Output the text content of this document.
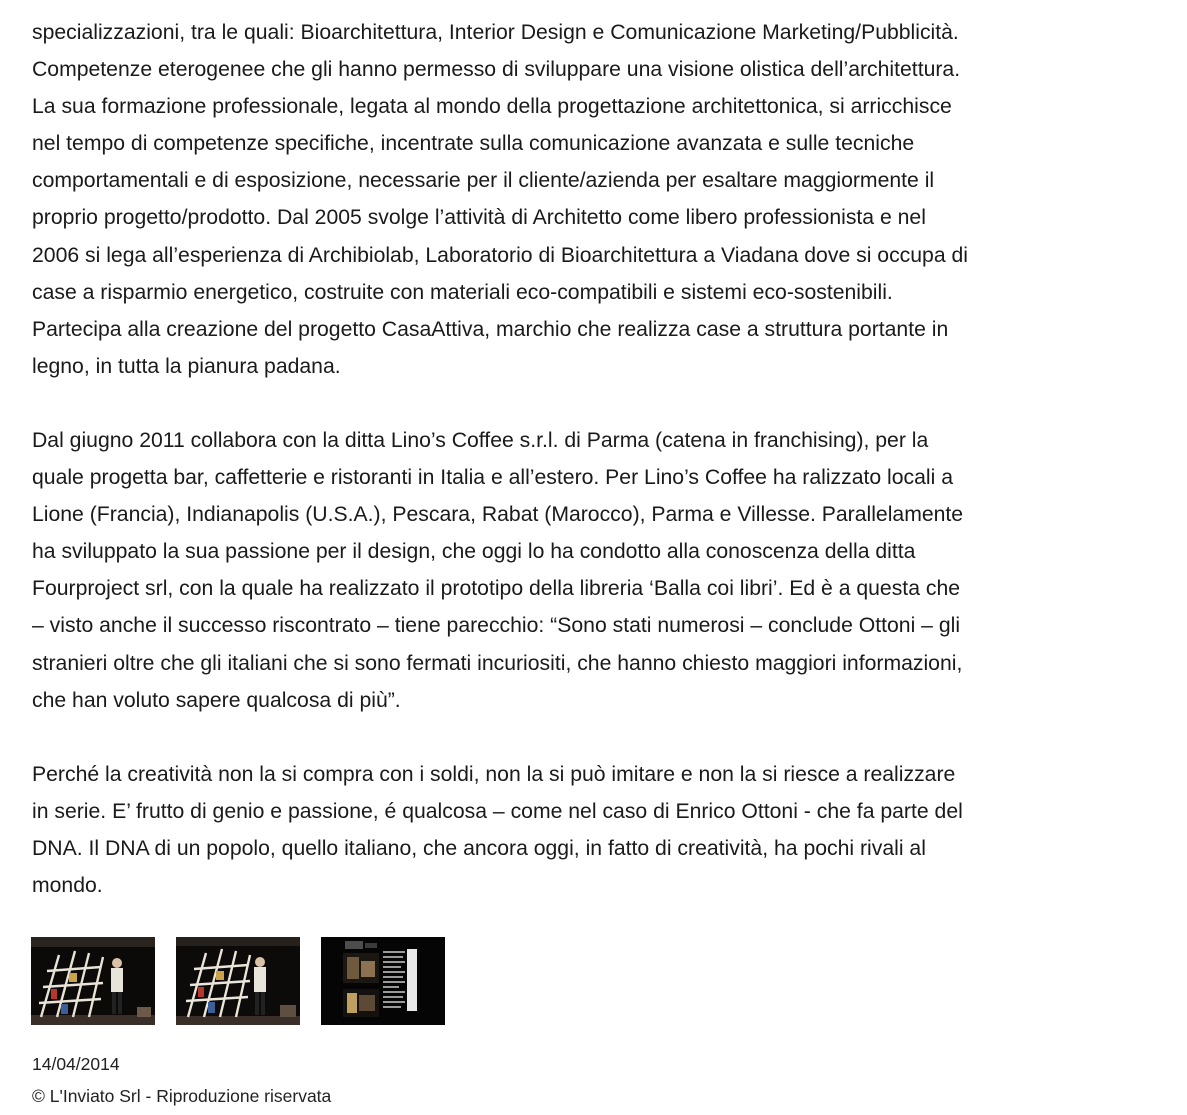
specializzazioni, tra le quali: Bioarchitettura, Interior Design e Comunicazione Marketing/Pubblicità.
Competenze eterogenee che gli hanno permesso di sviluppare una visione olistica dell’architettura.
La sua formazione professionale, legata al mondo della progettazione architettonica, si arricchisce
nel tempo di competenze specifiche, incentrate sulla comunicazione avanzata e sulle tecniche
comportamentali e di esposizione, necessarie per il cliente/azienda per esaltare maggiormente il
proprio progetto/prodotto. Dal 2005 svolge l’attività di Architetto come libero professionista e nel
2006 si lega all’esperienza di Archibiolab, Laboratorio di Bioarchitettura a Viadana dove si occupa di
case a risparmio energetico, costruite con materiali eco-compatibili e sistemi eco-sostenibili.
Partecipa alla creazione del progetto CasaAttiva, marchio che realizza case a struttura portante in
legno, in tutta la pianura padana.

Dal giugno 2011 collabora con la ditta Lino’s Coffee s.r.l. di Parma (catena in franchising), per la
quale progetta bar, caffetterie e ristoranti in Italia e all’estero. Per Lino’s Coffee ha ralizzato locali a
Lione (Francia), Indianapolis (U.S.A.), Pescara, Rabat (Marocco), Parma e Villesse. Parallelamente
ha sviluppato la sua passione per il design, che oggi lo ha condotto alla conoscenza della ditta
Fourproject srl, con la quale ha realizzato il prototipo della libreria ‘Balla coi libri’. Ed è a questa che
– visto anche il successo riscontrato – tiene parecchio: “Sono stati numerosi – conclude Ottoni – gli
stranieri oltre che gli italiani che si sono fermati incuriositi, che hanno chiesto maggiori informazioni,
che han voluto sapere qualcosa di più”.

Perché la creatività non la si compra con i soldi, non la si può imitare e non la si riesce a realizzare
in serie. E’ frutto di genio e passione, é qualcosa – come nel caso di Enrico Ottoni - che fa parte del
DNA. Il DNA di un popolo, quello italiano, che ancora oggi, in fatto di creatività, ha pochi rivali al
mondo.

14/04/2014
© L'Inviato Srl - Riproduzione riservata
